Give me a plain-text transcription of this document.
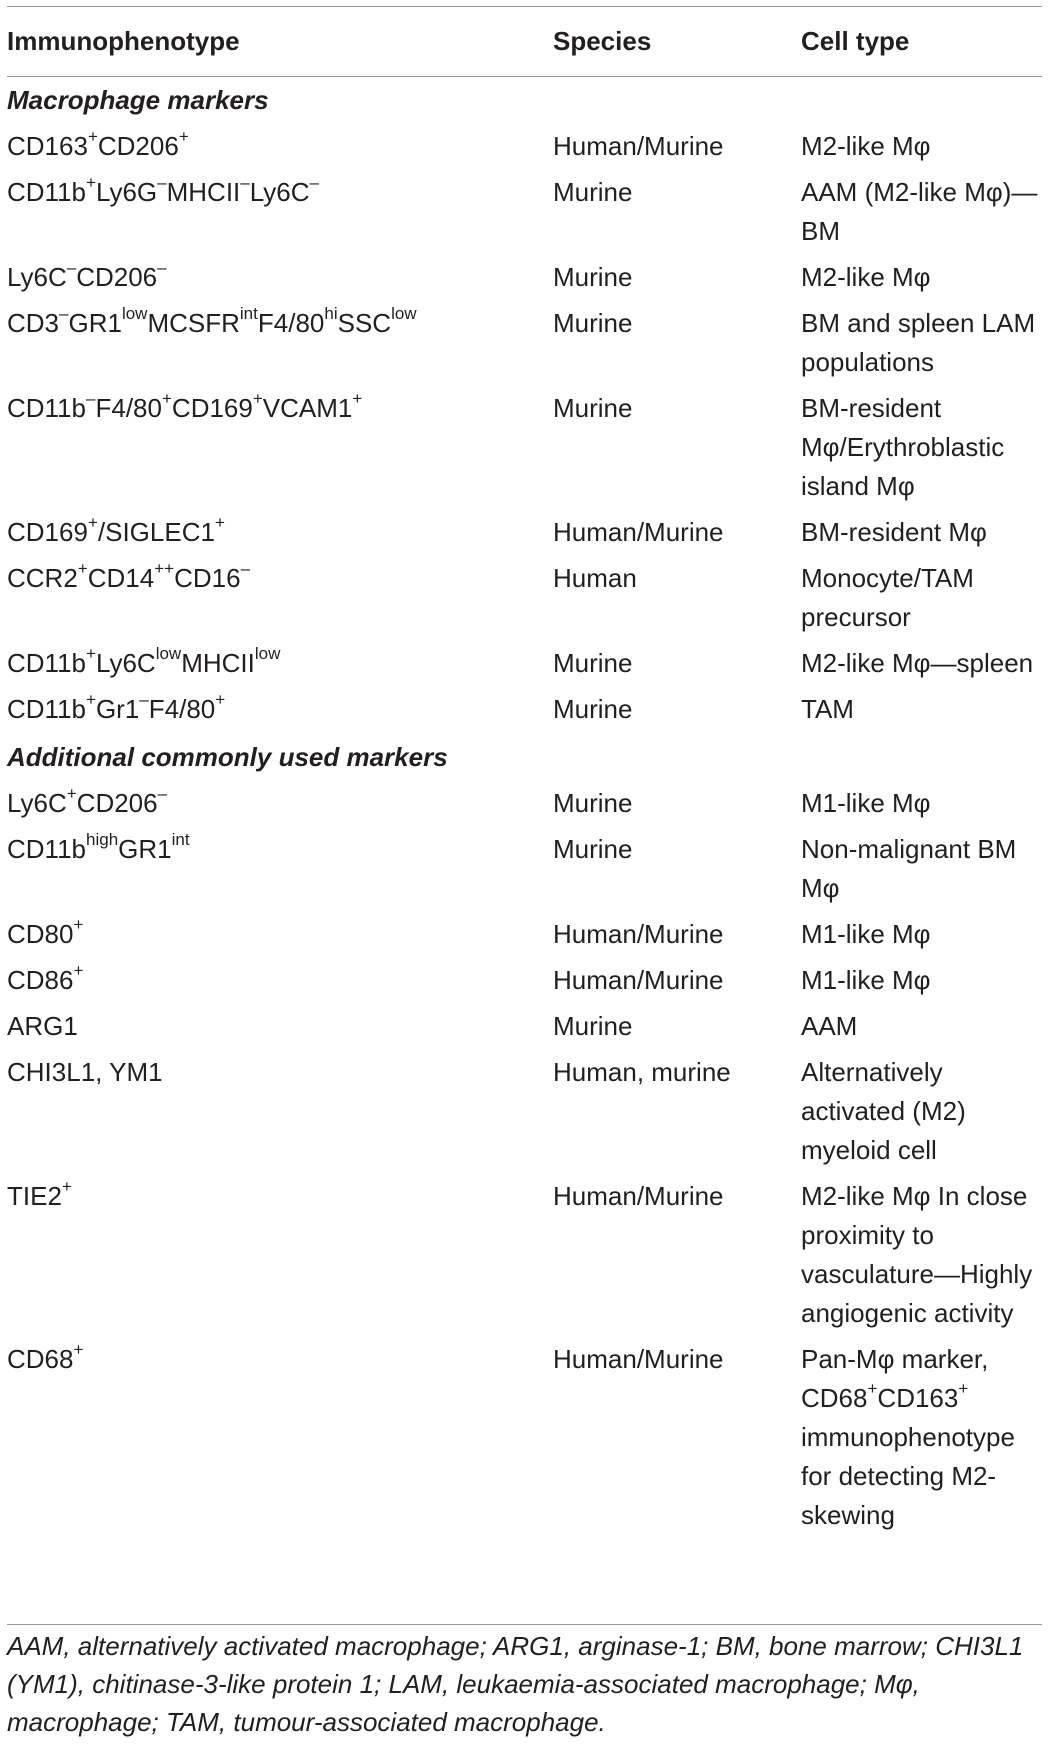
Immunophenotype	Species	Cell type
Macrophage markers		
CD163+CD206+	Human/Murine	M2-like Mφ
CD11b+Ly6G–MHCII–Ly6C–	Murine	AAM (M2-like Mφ)—BM
Ly6C–CD206–	Murine	M2-like Mφ
$CD3^-GR1^{low}MCSFR^{int}F4/80^{hi}SSC^{low}$	Murine	BM and spleen LAM populations
CD11b–F4/80+CD169+VCAM1+	Murine	BM-resident Mφ/Erythroblastic island Mφ
CD169+/SIGLEC1+	Human/Murine	BM-resident Mφ
CCR2+CD14++CD16–	Human	Monocyte/TAM precursor
$CD11b^+Ly6C^{low}MHCII^{low}$	Murine	M2-like Mφ—spleen
CD11b+Gr1–F4/80+	Murine	TAM
Additional commonly used markers		
Ly6C+CD206–	Murine	M1-like Mφ
$CD11b^{high}GR1^{int}$	Murine	Non-malignant BM Mφ
CD80+	Human/Murine	M1-like Mφ
CD86+	Human/Murine	M1-like Mφ
ARG1	Murine	AAM
CHI3L1, YM1	Human, murine	Alternatively activated (M2) myeloid cell
TIE2+	Human/Murine	M2-like Mφ In close proximity to vasculature—Highly angiogenic activity
CD68+	Human/Murine	Pan-Mφ marker, CD68+CD163+ immunophenotype for detecting M2-skewing
AAM, alternatively activated macrophage; ARG1, arginase-1; BM, bone marrow; CHI3L1 (YM1), chitinase-3-like protein 1; LAM, leukaemia-associated macrophage; Mφ, macrophage; TAM, tumour-associated macrophage.
